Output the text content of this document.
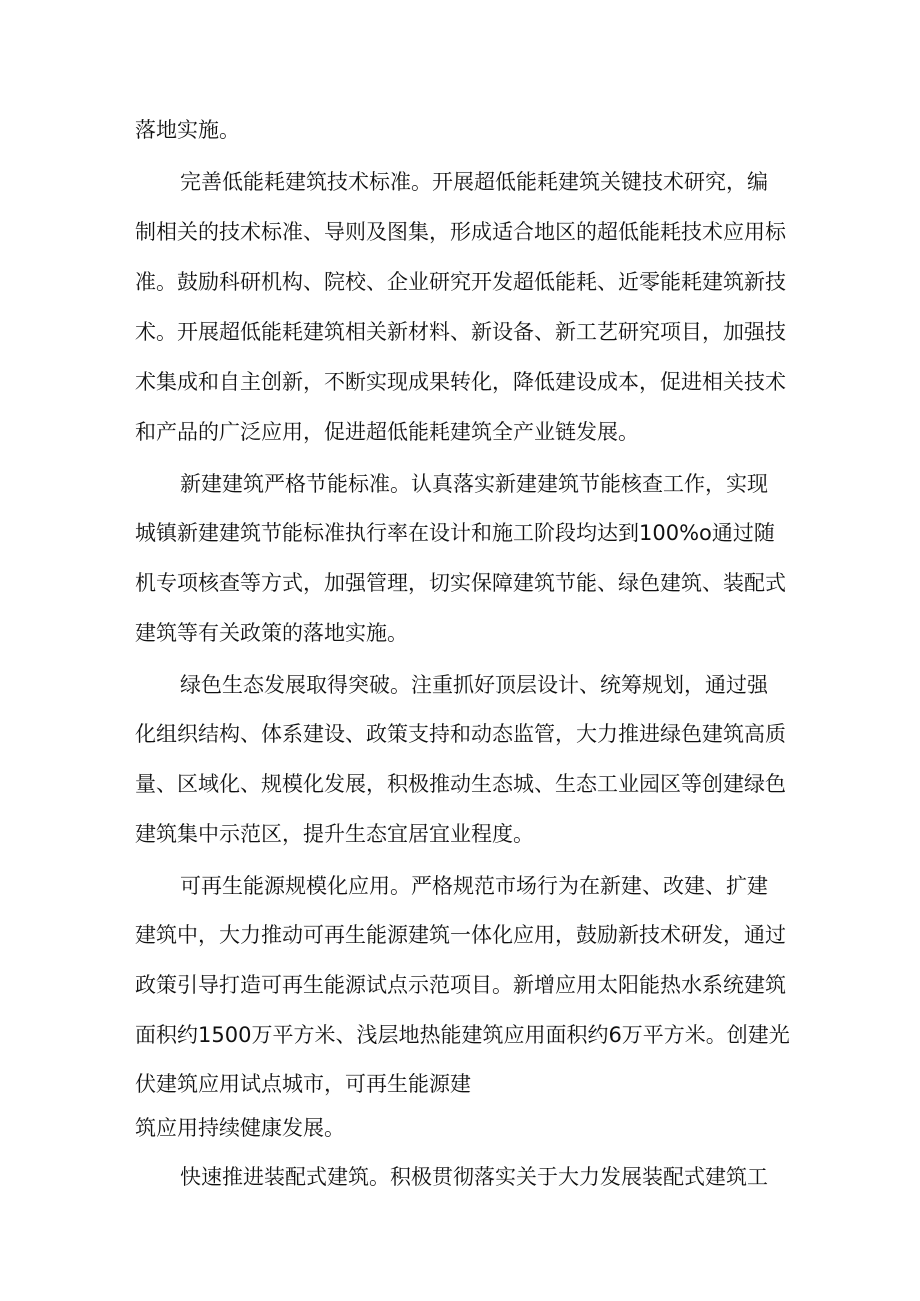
落地实施。
完善低能耗建筑技术标准。开展超低能耗建筑关键技术研究，编
制相关的技术标准、导则及图集，形成适合地区的超低能耗技术应用标
准。鼓励科研机构、院校、企业研究开发超低能耗、近零能耗建筑新技
术。开展超低能耗建筑相关新材料、新设备、新工艺研究项目，加强技
术集成和自主创新，不断实现成果转化，降低建设成本，促进相关技术
和产品的广泛应用，促进超低能耗建筑全产业链发展。
新建建筑严格节能标准。认真落实新建建筑节能核查工作，实现
城镇新建建筑节能标准执行率在设计和施工阶段均达到100%o通过随
机专项核查等方式，加强管理，切实保障建筑节能、绿色建筑、装配式
建筑等有关政策的落地实施。
绿色生态发展取得突破。注重抓好顶层设计、统筹规划，通过强
化组织结构、体系建设、政策支持和动态监管，大力推进绿色建筑高质
量、区域化、规模化发展，积极推动生态城、生态工业园区等创建绿色
建筑集中示范区，提升生态宜居宜业程度。
可再生能源规模化应用。严格规范市场行为在新建、改建、扩建
建筑中，大力推动可再生能源建筑一体化应用，鼓励新技术研发，通过
政策引导打造可再生能源试点示范项目。新增应用太阳能热水系统建筑
面积约1500万平方米、浅层地热能建筑应用面积约6万平方米。创建光
伏建筑应用试点城市，可再生能源建
筑应用持续健康发展。
快速推进装配式建筑。积极贯彻落实关于大力发展装配式建筑工
